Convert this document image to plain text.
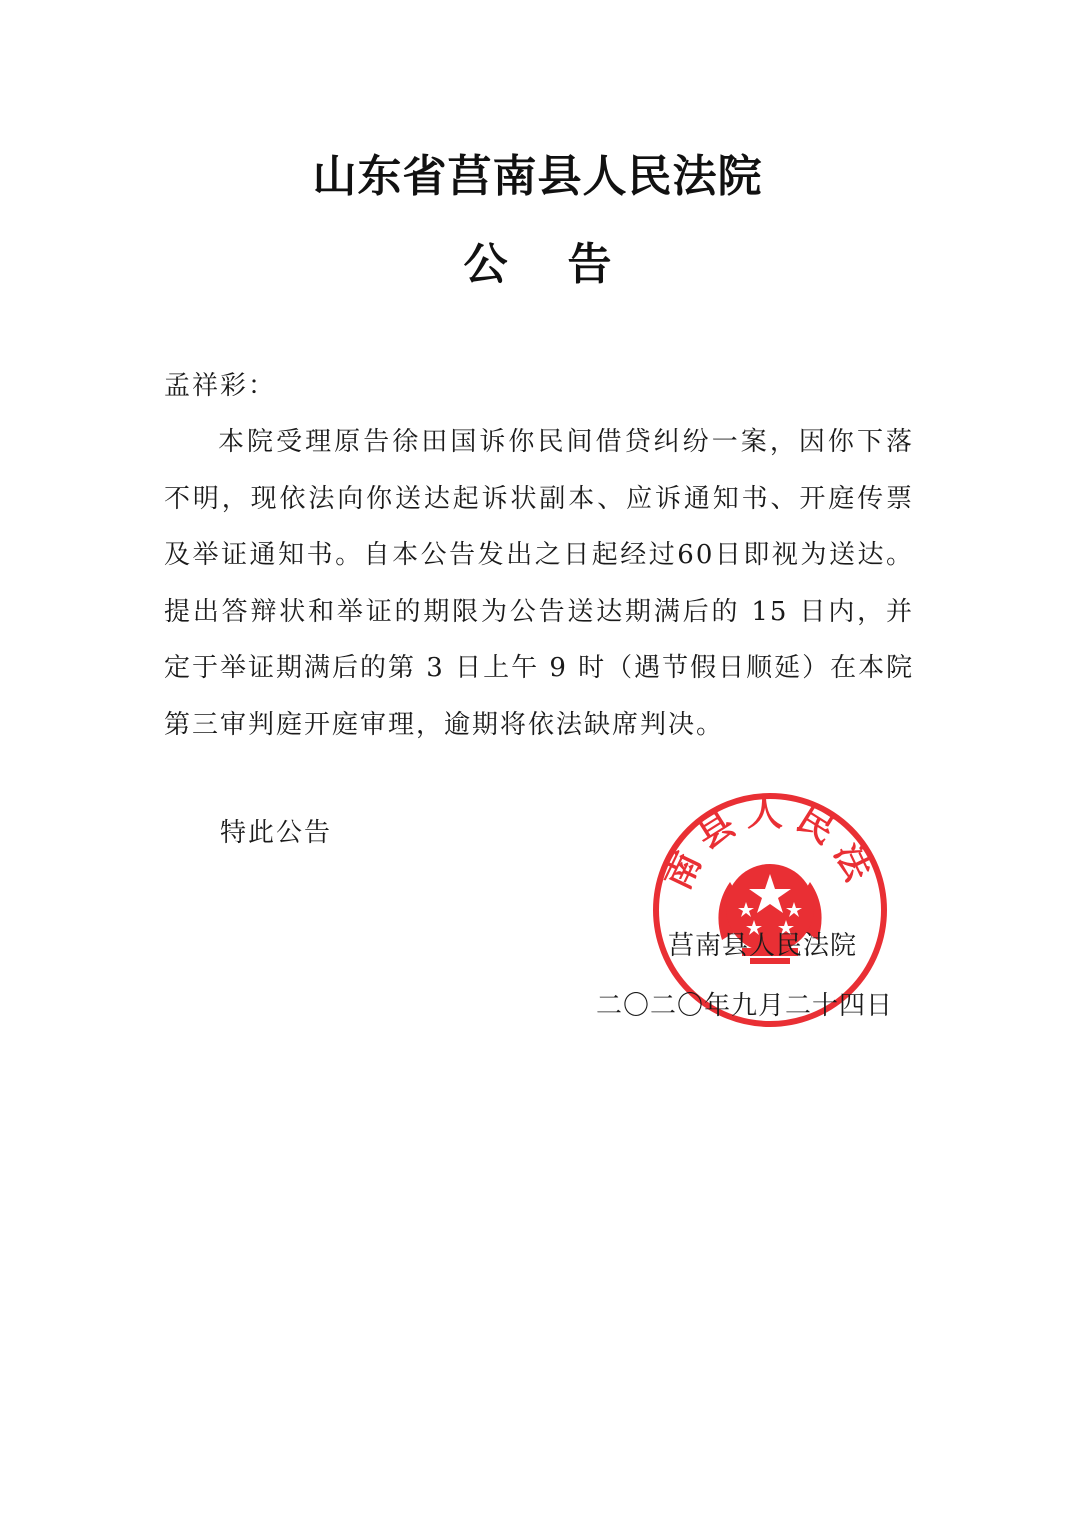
山东省莒南县人民法院
公 告
孟祥彩：
本院受理原告徐田国诉你民间借贷纠纷一案，因你下落
不明，现依法向你送达起诉状副本、应诉通知书、开庭传票
及举证通知书。自本公告发出之日起经过60日即视为送达。
提出答辩状和举证的期限为公告送达期满后的 15 日内，并
定于举证期满后的第 3 日上午 9 时（遇节假日顺延）在本院
第三审判庭开庭审理，逾期将依法缺席判决。
特此公告
南县人民法
莒南县人民法院
二〇二〇年九月二十四日
